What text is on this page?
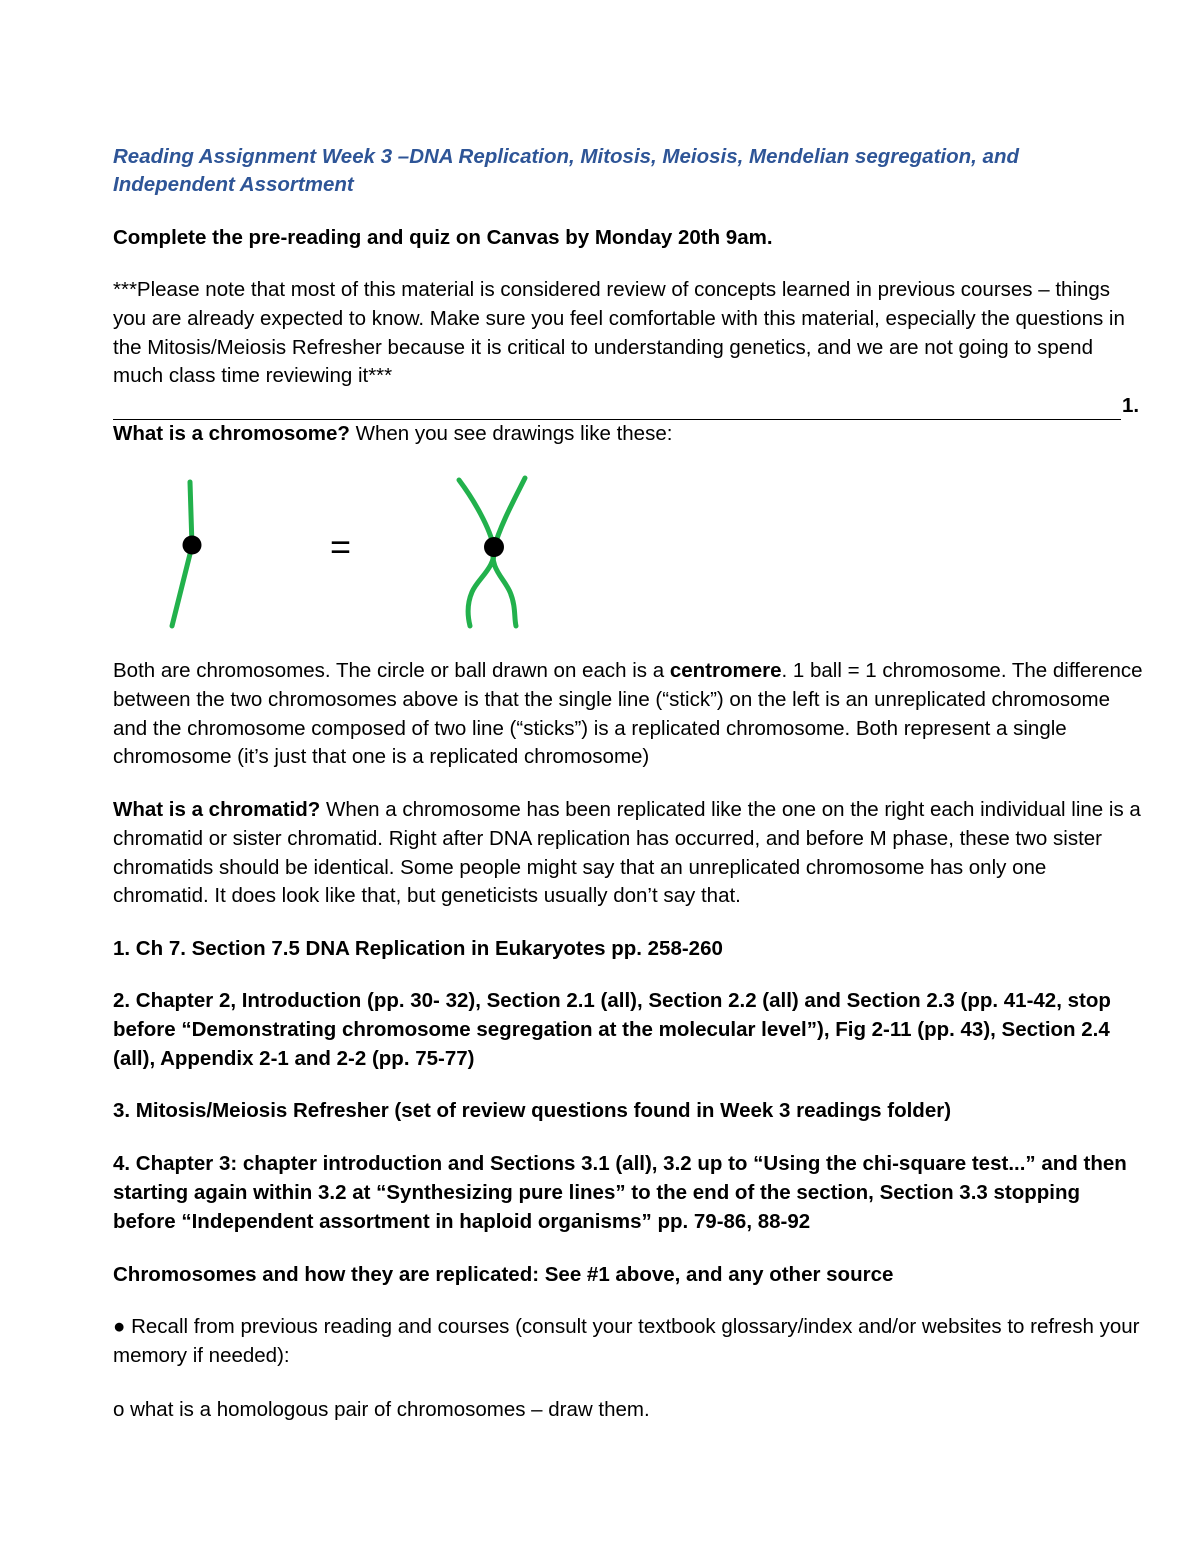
Reading Assignment Week 3 –DNA Replication, Mitosis, Meiosis, Mendelian segregation, and
Independent Assortment
Complete the pre-reading and quiz on Canvas by Monday 20th 9am.
***Please note that most of this material is considered review of concepts learned in previous courses – things you are already expected to know. Make sure you feel comfortable with this material, especially the questions in the Mitosis/Meiosis Refresher because it is critical to understanding genetics, and we are not going to spend much class time reviewing it***
1.
What is a chromosome? When you see drawings like these:
=
Both are chromosomes. The circle or ball drawn on each is a centromere. 1 ball = 1 chromosome. The difference between the two chromosomes above is that the single line (“stick”) on the left is an unreplicated chromosome and the chromosome composed of two line (“sticks”) is a replicated chromosome. Both represent a single chromosome (it’s just that one is a replicated chromosome)
What is a chromatid? When a chromosome has been replicated like the one on the right each individual line is a chromatid or sister chromatid. Right after DNA replication has occurred, and before M phase, these two sister chromatids should be identical. Some people might say that an unreplicated chromosome has only one chromatid. It does look like that, but geneticists usually don’t say that.
1. Ch 7. Section 7.5 DNA Replication in Eukaryotes pp. 258-260
2. Chapter 2, Introduction (pp. 30- 32), Section 2.1 (all), Section 2.2 (all) and Section 2.3 (pp. 41-42, stop before “Demonstrating chromosome segregation at the molecular level”), Fig 2-11 (pp. 43), Section 2.4 (all), Appendix 2-1 and 2-2 (pp. 75-77)
3. Mitosis/Meiosis Refresher (set of review questions found in Week 3 readings folder)
4. Chapter 3: chapter introduction and Sections 3.1 (all), 3.2 up to “Using the chi-square test...” and then starting again within 3.2 at “Synthesizing pure lines” to the end of the section, Section 3.3 stopping before “Independent assortment in haploid organisms” pp. 79-86, 88-92
Chromosomes and how they are replicated: See #1 above, and any other source
● Recall from previous reading and courses (consult your textbook glossary/index and/or websites to refresh your memory if needed):
o what is a homologous pair of chromosomes – draw them.
